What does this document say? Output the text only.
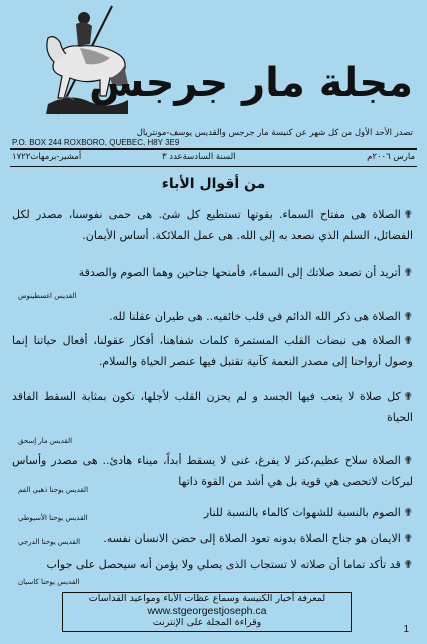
مجلة مار جرجس
تصدر الأحد الأول من كل شهر عن كنيسة مار جرجس والقديس يوسف-مونتريال
P.O. BOX 244 ROXBORO, QUEBEC, H8Y 3E9
مارس ٢٠٠٦م
السنة السادسةعدد ٣
أمشير-برمهات١٧٢٢
من أقوال الأباء
✟الصلاة هى مفتاح السماء. بقوتها تستطيع كل شئ. هى حمى نفوسنا، مصدر لكل الفضائل، السلم الذي نصعد به إلى الله. هى عمل الملائكة. أساس الأيمان.
✟أتريد أن تصعد صلاتك إلى السماء، فأمنحها جناحين وهما الصوم والصدقة
القديس اغسطينوس
✟الصلاة هى ذكر الله الدائم فى قلب خائفيه.. هى طيران عقلنا لله.
✟الصلاة هى نبضات القلب المستمرة كلمات شفاهنا، أفكار عقولنا، أفعال حياتنا إنما وصول أرواحنا إلى مصدر النعمة كآنية تقتبل فيها عنصر الحياة والسلام.
✟كل صلاة لا يتعب فيها الجسد و لم يحزن القلب لأجلها، تكون بمثابة السقط الفاقد الحياة
القديس مار إسحق
✟الصلاة سلاح عظيم،كنز لا يفرغ، غنى لا يسقط أبداً، ميناء هادئ.. هى مصدر وأساس لبركات لاتحصى هي قوية بل هي أشد من القوة ذاتها
القديس يوحنا ذهبي الفم
✟الصوم بالنسبة للشهوات كالماء بالنسبة للنار
القديس يوحنا الأسيوطي
✟الايمان هو جناح الصلاة بدونه تعود الصلاة إلى حضن الانسان نفسه.
القديس يوحنا الدرجي
✟قد تأكد تماما أن صلاته لا تستجاب الذى يصلي ولا يؤمن أنه سيحصل على جواب
القديس يوحنا كاسيان
لمعرفة أخبار الكنيسة وسماع عظات الأباء ومواعيد القداسات
www.stgeorgestjoseph.ca
وقراءة المجلة على الإنترنت
1
